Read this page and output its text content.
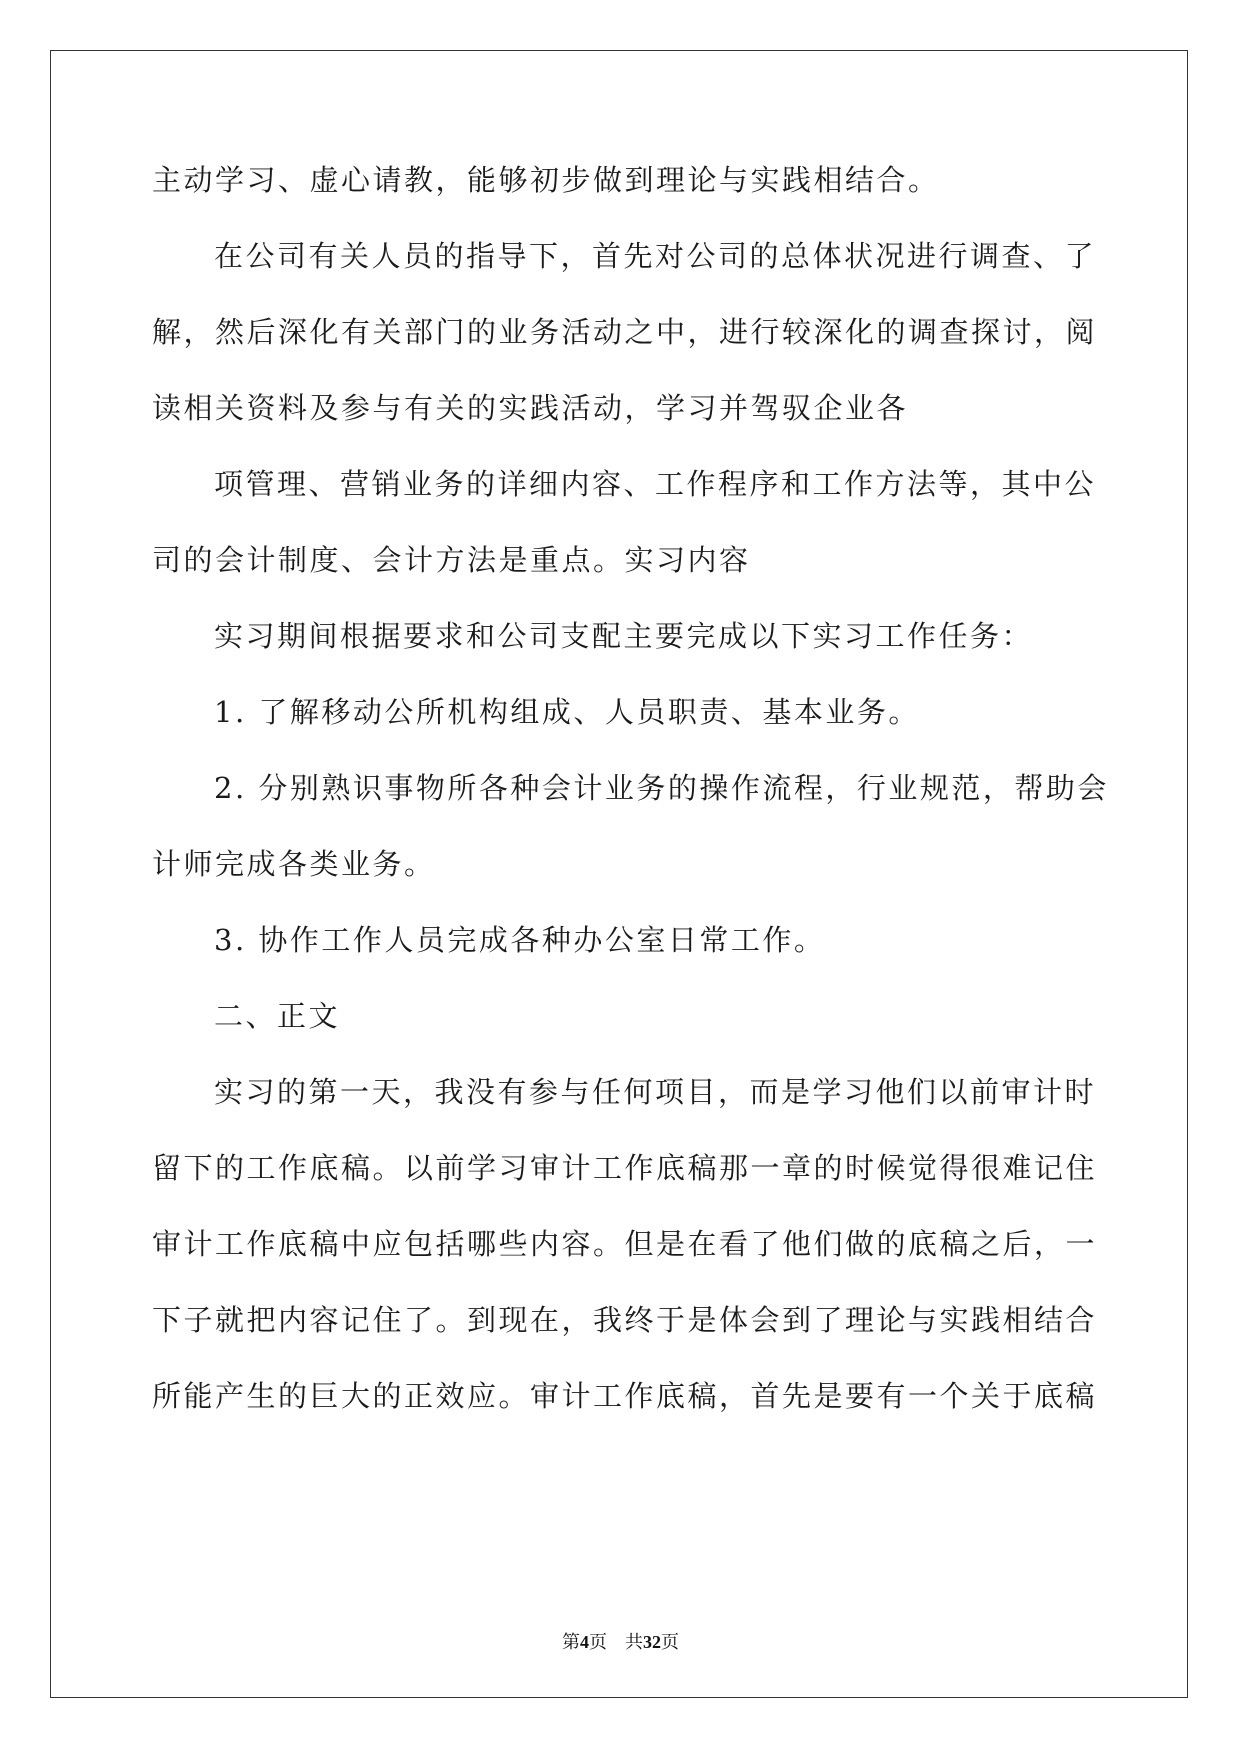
主动学习、虚心请教，能够初步做到理论与实践相结合。
在公司有关人员的指导下，首先对公司的总体状况进行调查、了
解，然后深化有关部门的业务活动之中，进行较深化的调查探讨，阅
读相关资料及参与有关的实践活动，学习并驾驭企业各
项管理、营销业务的详细内容、工作程序和工作方法等，其中公
司的会计制度、会计方法是重点。实习内容
实习期间根据要求和公司支配主要完成以下实习工作任务：
1. 了解移动公所机构组成、人员职责、基本业务。
2. 分别熟识事物所各种会计业务的操作流程，行业规范，帮助会
计师完成各类业务。
3. 协作工作人员完成各种办公室日常工作。
二、正文
实习的第一天，我没有参与任何项目，而是学习他们以前审计时
留下的工作底稿。以前学习审计工作底稿那一章的时候觉得很难记住
审计工作底稿中应包括哪些内容。但是在看了他们做的底稿之后，一
下子就把内容记住了。到现在，我终于是体会到了理论与实践相结合
所能产生的巨大的正效应。审计工作底稿，首先是要有一个关于底稿
第4页 共32页
